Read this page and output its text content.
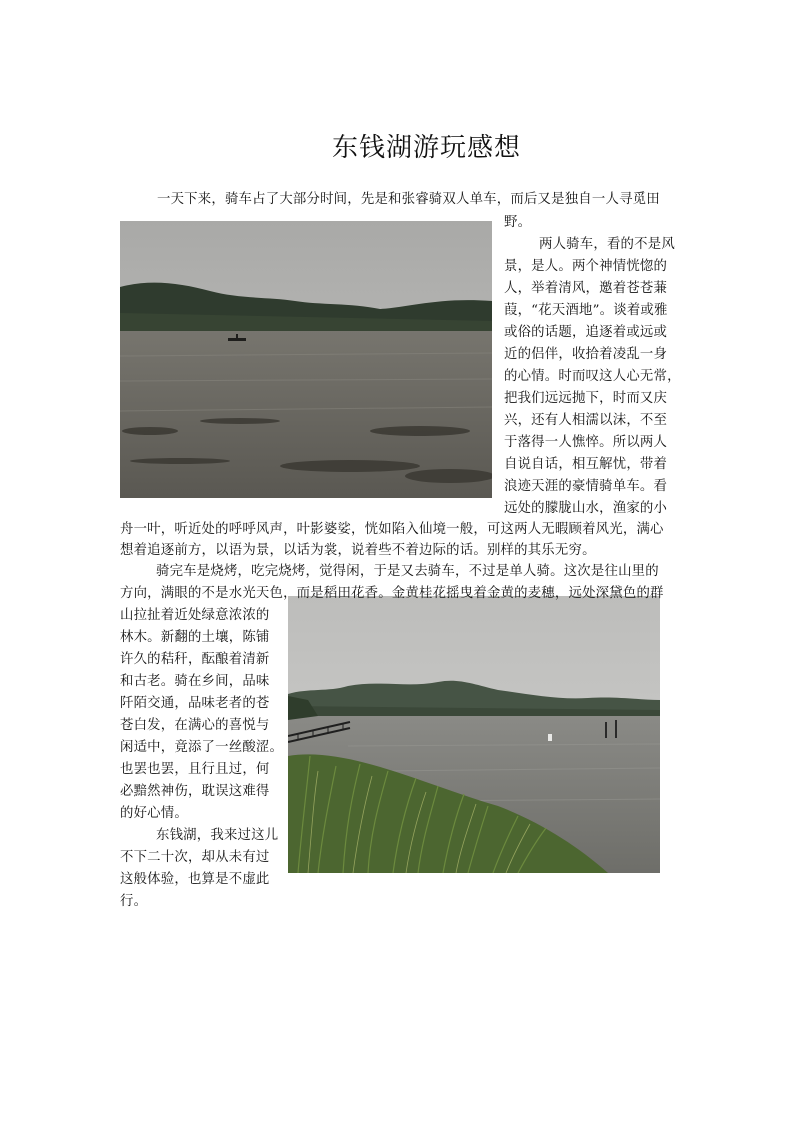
东钱湖游玩感想
一天下来，骑车占了大部分时间，先是和张睿骑双人单车，而后又是独自一人寻觅田
野。
两人骑车，看的不是风
景，是人。两个神情恍惚的
人，举着清风，邀着苍苍蒹
葭，“花天酒地”。谈着或雅
或俗的话题，追逐着或远或
近的侣伴，收拾着凌乱一身
的心情。时而叹这人心无常，
把我们远远抛下，时而又庆
兴，还有人相濡以沫，不至
于落得一人憔悴。所以两人
自说自话，相互解忧，带着
浪迹天涯的豪情骑单车。看
远处的朦胧山水，渔家的小
舟一叶，听近处的呼呼风声，叶影婆娑，恍如陷入仙境一般，可这两人无暇顾着风光，满心
想着追逐前方，以语为景，以话为裳，说着些不着边际的话。别样的其乐无穷。
骑完车是烧烤，吃完烧烤，觉得闲，于是又去骑车，不过是单人骑。这次是往山里的
方向，满眼的不是水光天色，而是稻田花香。金黄桂花摇曳着金黄的麦穗，远处深黛色的群
山拉扯着近处绿意浓浓的
林木。新翻的土壤，陈铺
许久的秸秆，酝酿着清新
和古老。骑在乡间，品味
阡陌交通，品味老者的苍
苍白发，在满心的喜悦与
闲适中，竟添了一丝酸涩。
也罢也罢，且行且过，何
必黯然神伤，耽误这难得
的好心情。
东钱湖，我来过这儿
不下二十次，却从未有过
这般体验，也算是不虚此
行。
